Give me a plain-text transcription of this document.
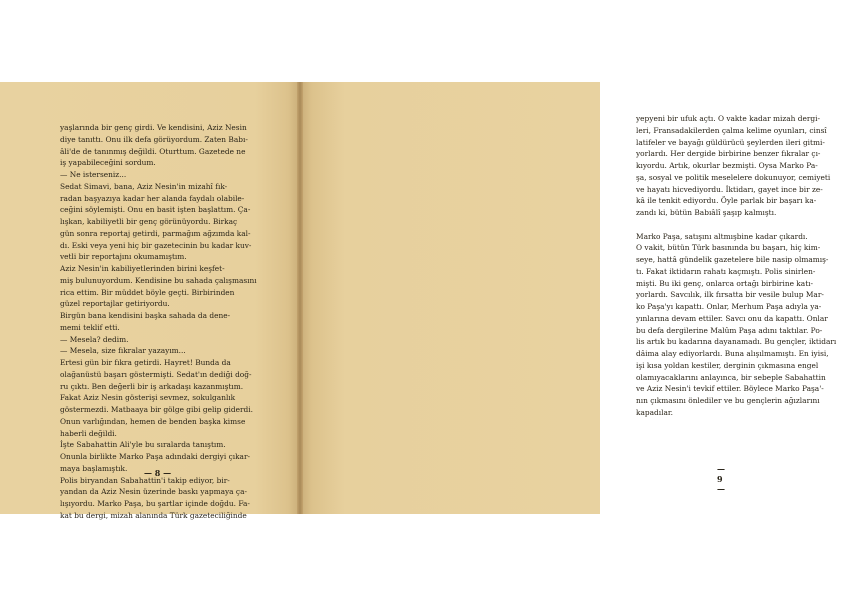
yaşlarında bir genç girdi. Ve kendisini, Aziz Nesin
diye tanıttı. Onu ilk defa görüyordum. Zaten Babı-
âli'de de tanınmış değildi. Oturttum. Gazetede ne
iş yapabileceğini sordum.
— Ne isterseniz...
Sedat Simavi, bana, Aziz Nesin'in mizahî fık-
radan başyazıya kadar her alanda faydalı olabile-
ceğini söylemişti. Onu en basit işten başlattım. Ça-
lışkan, kabiliyetli bir genç görünüyordu. Birkaç
gün sonra reportaj getirdi, parmağım ağzımda kal-
dı. Eski veya yeni hiç bir gazetecinin bu kadar kuv-
vetli bir reportajını okumamıştım.
Aziz Nesin'in kabiliyetlerinden birini keşfet-
miş bulunuyordum. Kendisine bu sahada çalışmasını
rica ettim. Bir müddet böyle geçti. Birbirinden
güzel reportajlar getiriyordu.
Birgün bana kendisini başka sahada da dene-
memi teklif etti.
— Mesela? dedim.
— Mesela, size fıkralar yazayım...
Ertesi gün bir fıkra getirdi. Hayret! Bunda da
olağanüstü başarı göstermişti. Sedat'ın dediği doğ-
ru çıktı. Ben değerli bir iş arkadaşı kazanmıştım.
Fakat Aziz Nesin gösterişi sevmez, sokulganlık
göstermezdi. Matbaaya bir gölge gibi gelip giderdi.
Onun varlığından, hemen de benden başka kimse
haberli değildi.
İşte Sabahattin Ali'yle bu sıralarda tanıştım.
Onunla birlikte Marko Paşa adındaki dergiyi çıkar-
maya başlamıştık.
Polis biryandan Sabahattin'i takip ediyor, bir-
yandan da Aziz Nesin üzerinde baskı yapmaya ça-
lışıyordu. Marko Paşa, bu şartlar içinde doğdu. Fa-
kat bu dergi, mizah alanında Türk gazeteciliğinde
— 8 —
yepyeni bir ufuk açtı. O vakte kadar mizah dergi-
leri, Fransadakilerden çalma kelime oyunları, cinsî
latifeler ve bayağı güldürücü şeylerden ileri gitmi-
yorlardı. Her dergide birbirine benzer fıkralar çı-
kıyordu. Artık, okurlar bezmişti. Oysa Marko Pa-
şa, sosyal ve politik meselelere dokunuyor, cemiyeti
ve hayatı hicvediyordu. İktidarı, gayet ince bir ze-
kâ ile tenkit ediyordu. Öyle parlak bir başarı ka-
zandı ki, bütün Babıâlî şaşıp kalmıştı.
Marko Paşa, satışını altmışbine kadar çıkardı.
O vakit, bütün Türk basınında bu başarı, hiç kim-
seye, hattâ gündelik gazetelere bile nasip olmamış-
tı. Fakat iktidarın rahatı kaçmıştı. Polis sinirlen-
mişti. Bu iki genç, onlarca ortağı birbirine katı-
yorlardı. Savcılık, ilk fırsatta bir vesile bulup Mar-
ko Paşa'yı kapattı. Onlar, Merhum Paşa adıyla ya-
yınlarına devam ettiler. Savcı onu da kapattı. Onlar
bu defa dergilerine Malûm Paşa adını taktılar. Po-
lis artık bu kadarına dayanamadı. Bu gençler, iktidarı
dâima alay ediyorlardı. Buna alışılmamıştı. En iyisi,
işi kısa yoldan kestiler, derginin çıkmasına engel
olamıyacaklarını anlayınca, bir sebeple Sabahattin
ve Aziz Nesin'i tevkif ettiler. Böylece Marko Paşa'-
nın çıkmasını önlediler ve bu gençlerin ağızlarını
kapadılar.
— 9 —
